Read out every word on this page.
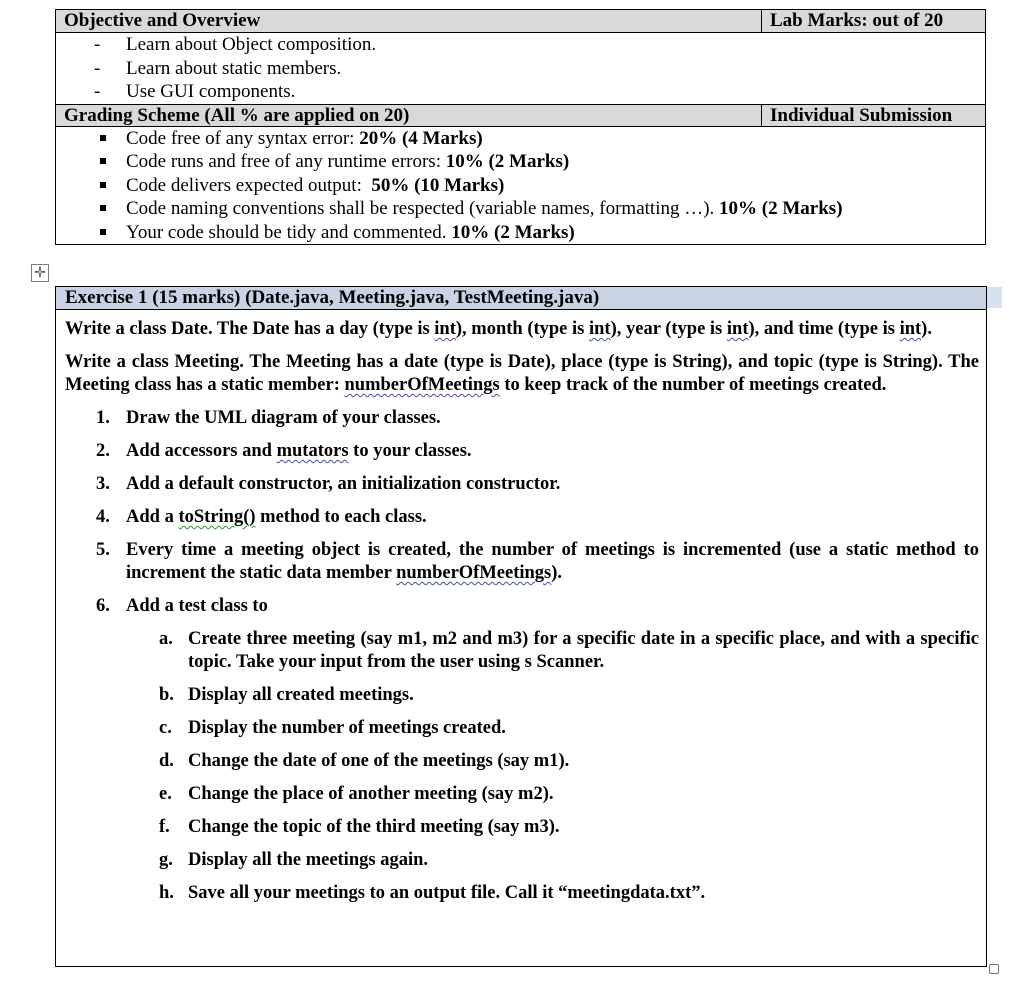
Objective and Overview	Lab Marks: out of 20
- Learn about Object composition.
- Learn about static members.
- Use GUI components.
Grading Scheme (All % are applied on 20)	Individual Submission
Code free of any syntax error: 20% (4 Marks)
Code runs and free of any runtime errors: 10% (2 Marks)
Code delivers expected output:  50% (10 Marks)
Code naming conventions shall be respected (variable names, formatting …). 10% (2 Marks)
Your code should be tidy and commented. 10% (2 Marks)
✛
Exercise 1 (15 marks) (Date.java, Meeting.java, TestMeeting.java)

Write a class Date. The Date has a day (type is int), month (type is int), year (type is int), and time (type is int).

Write a class Meeting. The Meeting has a date (type is Date), place (type is String), and topic (type is String). The Meeting class has a static member: numberOfMeetings to keep track of the number of meetings created.

1. Draw the UML diagram of your classes.
2. Add accessors and mutators to your classes.
3. Add a default constructor, an initialization constructor.
4. Add a toString() method to each class.
5. Every time a meeting object is created, the number of meetings is incremented (use a static method to increment the static data member numberOfMeetings).
6. Add a test class to
a. Create three meeting (say m1, m2 and m3) for a specific date in a specific place, and with a specific topic. Take your input from the user using s Scanner.
b. Display all created meetings.
c. Display the number of meetings created.
d. Change the date of one of the meetings (say m1).
e. Change the place of another meeting (say m2).
f. Change the topic of the third meeting (say m3).
g. Display all the meetings again.
h. Save all your meetings to an output file. Call it “meetingdata.txt”.
